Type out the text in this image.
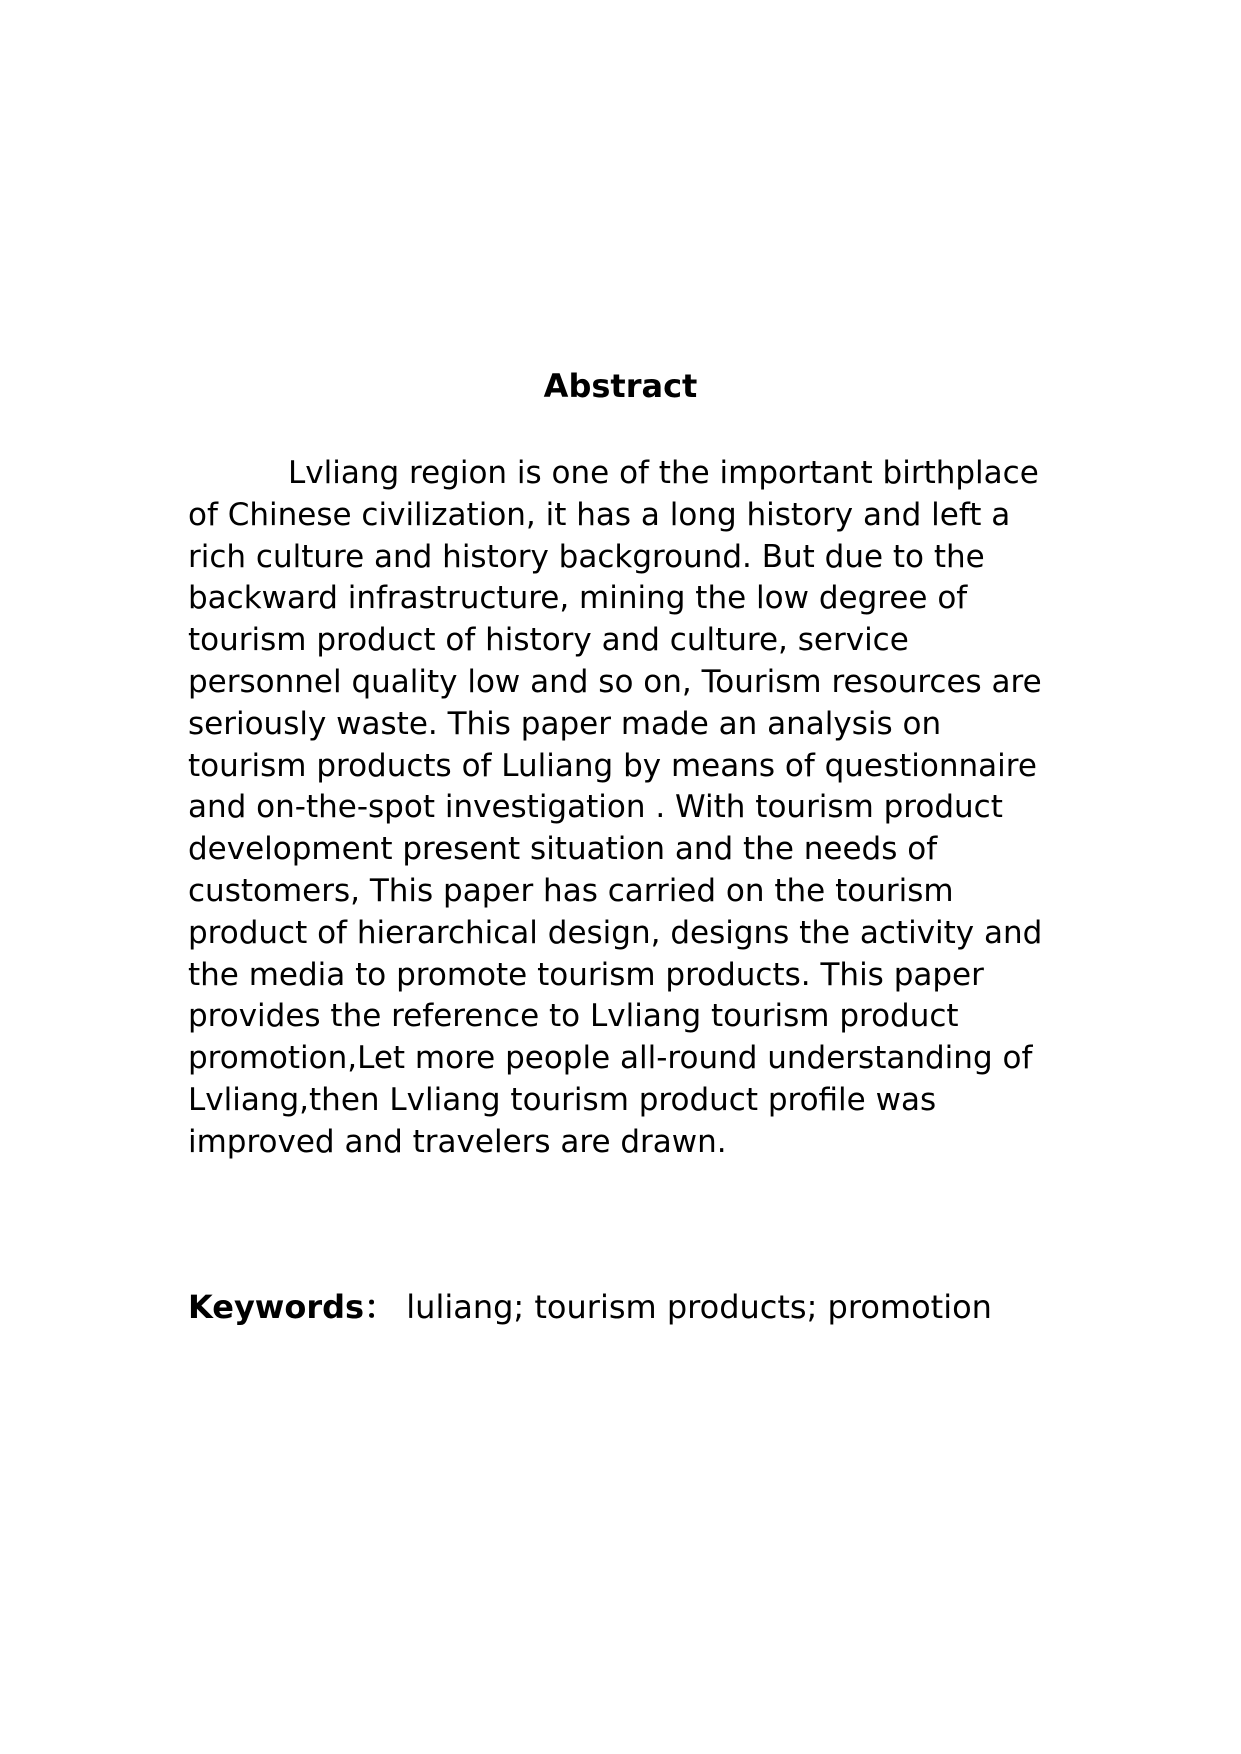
Abstract

Lvliang region is one of the important birthplace of Chinese civilization, it has a long history and left a rich culture and history background. But due to the backward infrastructure, mining the low degree of tourism product of history and culture, service personnel quality low and so on, Tourism resources are seriously waste. This paper made an analysis on tourism products of Luliang by means of questionnaire and on-the-spot investigation . With tourism product development present situation and the needs of customers, This paper has carried on the tourism product of hierarchical design, designs the activity and the media to promote tourism products. This paper provides the reference to Lvliang tourism product promotion,Let more people all-round understanding of Lvliang,then Lvliang tourism product profile was improved and travelers are drawn.

Keywords： luliang; tourism products; promotion
